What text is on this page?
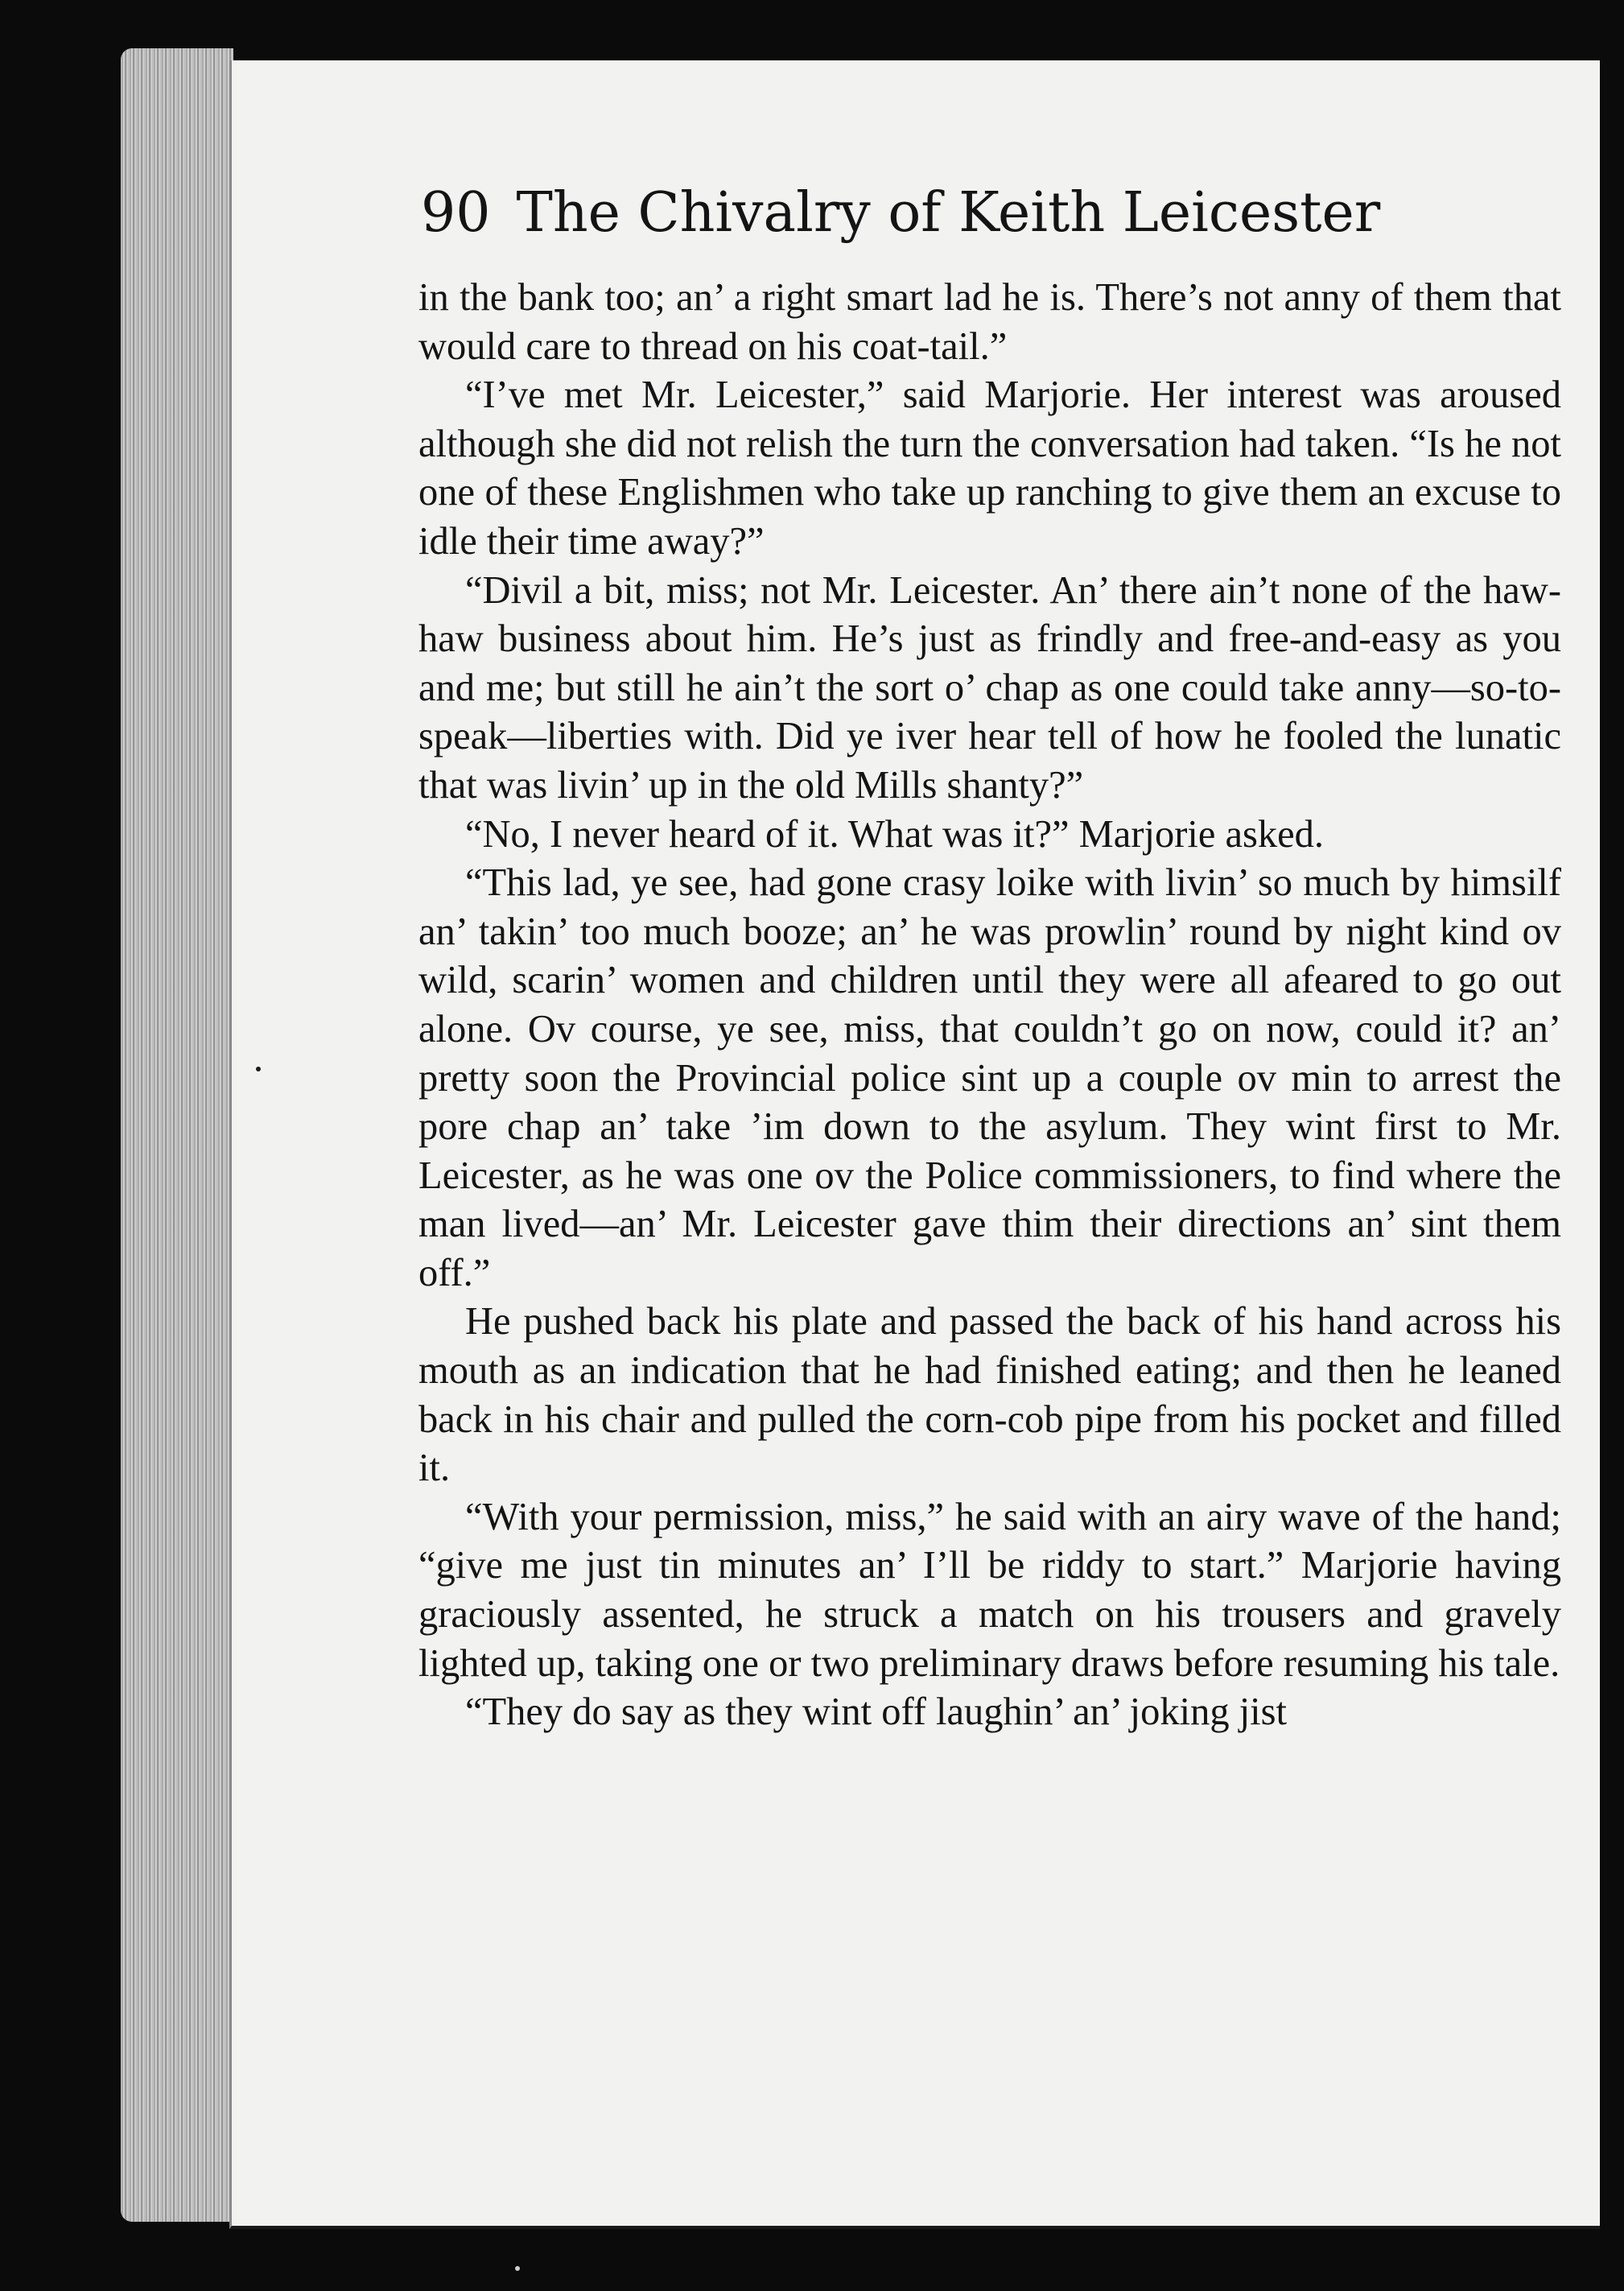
90 The Chivalry of Keith Leicester

in the bank too; an’ a right smart lad he is. There’s not anny of them that would care to thread on his coat-tail.”

“I’ve met Mr. Leicester,” said Marjorie. Her interest was aroused although she did not relish the turn the conversation had taken. “Is he not one of these Englishmen who take up ranching to give them an excuse to idle their time away?”

“Divil a bit, miss; not Mr. Leicester. An’ there ain’t none of the haw-haw business about him. He’s just as frindly and free-and-easy as you and me; but still he ain’t the sort o’ chap as one could take anny—so-to-speak—liberties with. Did ye iver hear tell of how he fooled the lunatic that was livin’ up in the old Mills shanty?”

“No, I never heard of it. What was it?” Marjorie asked.

“This lad, ye see, had gone crasy loike with livin’ so much by himsilf an’ takin’ too much booze; an’ he was prowlin’ round by night kind ov wild, scarin’ women and children until they were all afeared to go out alone. Ov course, ye see, miss, that couldn’t go on now, could it? an’ pretty soon the Provincial police sint up a couple ov min to arrest the pore chap an’ take ’im down to the asylum. They wint first to Mr. Leicester, as he was one ov the Police commissioners, to find where the man lived—an’ Mr. Leicester gave thim their directions an’ sint them off.”

He pushed back his plate and passed the back of his hand across his mouth as an indication that he had finished eating; and then he leaned back in his chair and pulled the corn-cob pipe from his pocket and filled it.

“With your permission, miss,” he said with an airy wave of the hand; “give me just tin minutes an’ I’ll be riddy to start.” Marjorie having graciously assented, he struck a match on his trousers and gravely lighted up, taking one or two preliminary draws before resuming his tale.

“They do say as they wint off laughin’ an’ joking jist
